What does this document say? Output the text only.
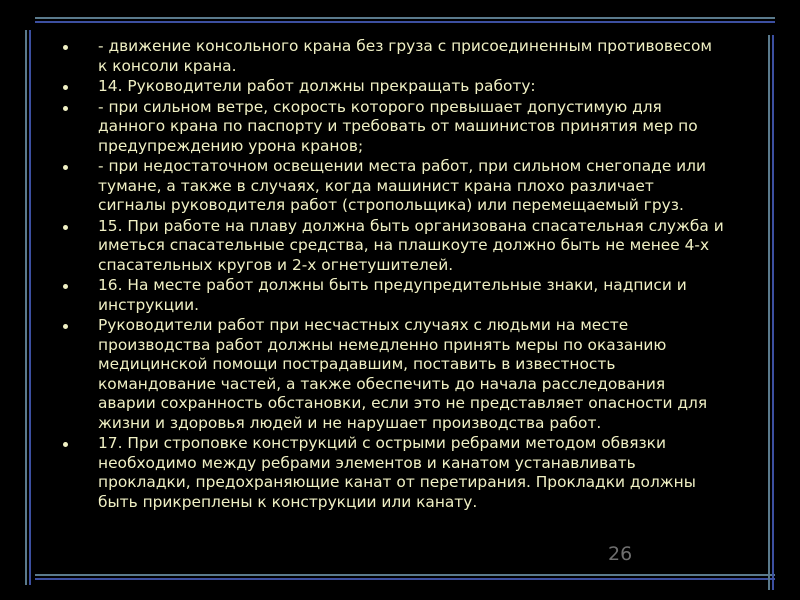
26
- движение консольного крана без груза с присоединенным противовесом к консоли крана.
14. Руководители работ должны прекращать работу:
- при сильном ветре, скорость которого превышает допустимую для данного крана по паспорту и требовать от машинистов принятия мер по предупреждению урона кранов;
- при недостаточном освещении места работ, при сильном снегопаде или тумане, а также в случаях, когда машинист крана плохо различает сигналы руководителя работ (стропольщика) или перемещаемый груз.
15. При работе на плаву должна быть организована спасательная служба и иметься спасательные средства, на плашкоуте должно быть не менее 4-х спасательных кругов и 2-х огнетушителей.
16. На месте работ должны быть предупредительные знаки, надписи и инструкции.
Руководители работ при несчастных случаях с людьми на месте производства работ должны немедленно принять меры по оказанию медицинской помощи пострадавшим, поставить в известность командование частей, а также обеспечить до начала расследования аварии сохранность обстановки, если это не представляет опасности для жизни и здоровья людей и не нарушает производства работ.
17. При строповке конструкций с острыми ребрами методом обвязки необходимо между ребрами элементов и канатом устанавливать прокладки, предохраняющие канат от перетирания. Прокладки должны быть прикреплены к конструкции или канату.
